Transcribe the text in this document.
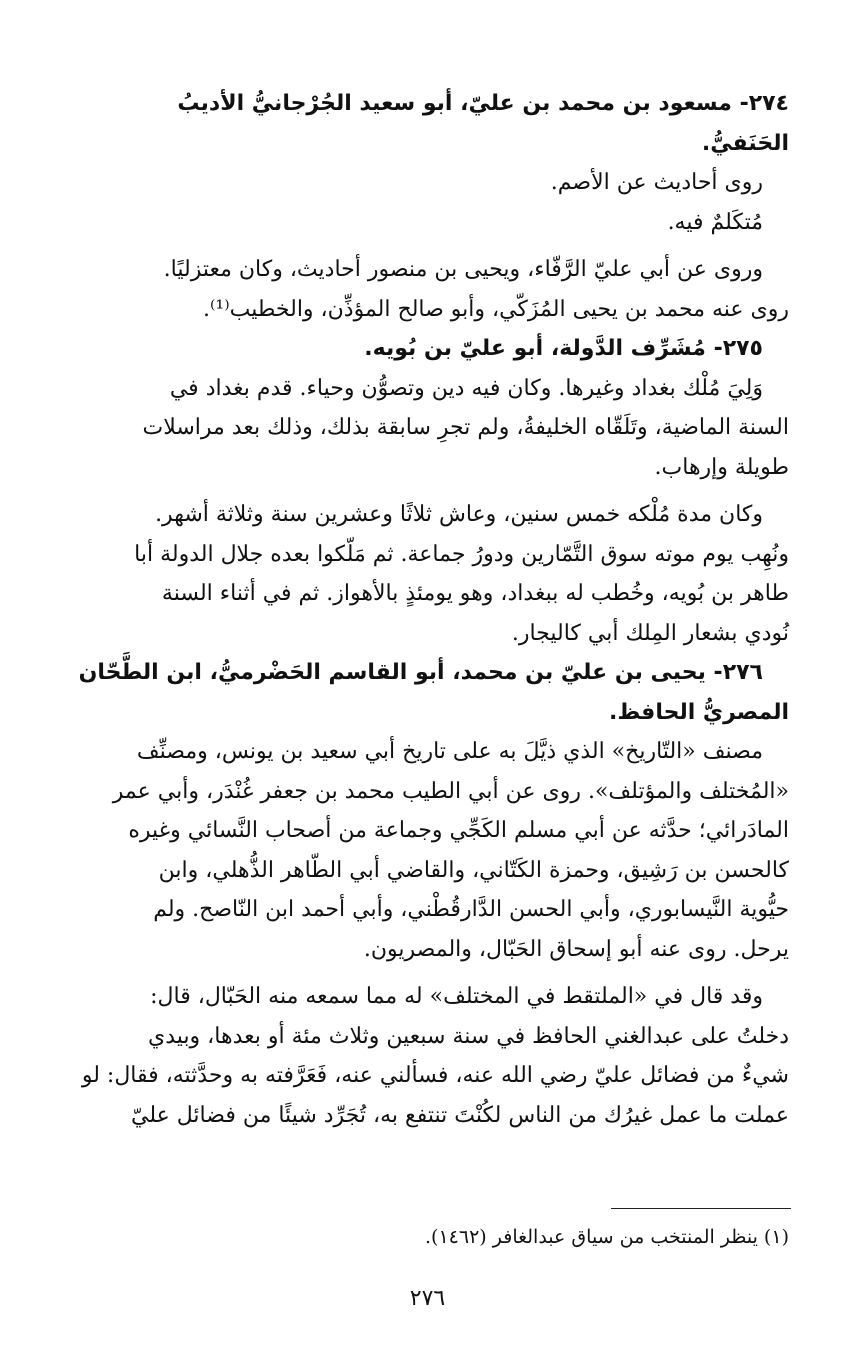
٢٧٤- مسعود بن محمد بن عليّ، أبو سعيد الجُرْجانيُّ الأديبُ

الحَنَفيُّ.

روى أحاديث عن الأصم.

مُتكَلمٌ فيه.

وروى عن أبي عليّ الرَّفّاء، ويحيى بن منصور أحاديث، وكان معتزليًا.

روى عنه محمد بن يحيى المُزَكّي، وأبو صالح المؤذِّن، والخطيب⁽¹⁾.

٢٧٥- مُشَرِّف الدَّولة، أبو عليّ بن بُويه.

وَلِيَ مُلْك بغداد وغيرها. وكان فيه دين وتصوُّن وحياء. قدم بغداد في

السنة الماضية، وتَلَقّاه الخليفةُ، ولم تجرِ سابقة بذلك، وذلك بعد مراسلات

طويلة وإرهاب.

وكان مدة مُلْكه خمس سنين، وعاش ثلاثًا وعشرين سنة وثلاثة أشهر.

ونُهِب يوم موته سوق التَّمّارين ودورُ جماعة. ثم مَلّكوا بعده جلال الدولة أبا

طاهر بن بُويه، وخُطب له ببغداد، وهو يومئذٍ بالأهواز. ثم في أثناء السنة

نُودي بشعار المِلك أبي كاليجار.

٢٧٦- يحيى بن عليّ بن محمد، أبو القاسم الحَضْرميُّ، ابن الطَّحّان

المصريُّ الحافظ.

مصنف «التّاريخ» الذي ذيَّلَ به على تاريخ أبي سعيد بن يونس، ومصنِّف

«المُختلف والمؤتلف». روى عن أبي الطيب محمد بن جعفر غُنْدَر، وأبي عمر

المادَرائي؛ حدَّثه عن أبي مسلم الكَجِّي وجماعة من أصحاب النَّسائي وغيره

كالحسن بن رَشِيق، وحمزة الكَتّاني، والقاضي أبي الطّاهر الذُّهلي، وابن

حيُّوية النَّيسابوري، وأبي الحسن الدَّارقُطْني، وأبي أحمد ابن النّاصح. ولم

يرحل. روى عنه أبو إسحاق الحَبّال، والمصريون.

وقد قال في «الملتقط في المختلف» له مما سمعه منه الحَبّال، قال:

دخلتُ على عبدالغني الحافظ في سنة سبعين وثلاث مئة أو بعدها، وبيدي

شيءٌ من فضائل عليّ رضي الله عنه، فسألني عنه، فَعَرَّفته به وحدَّثته، فقال: لو

عملت ما عمل غيرُك من الناس لكُنْتَ تنتفع به، تُجَرِّد شيئًا من فضائل عليّ

(١) ينظر المنتخب من سياق عبدالغافر (١٤٦٢).
٢٧٦
